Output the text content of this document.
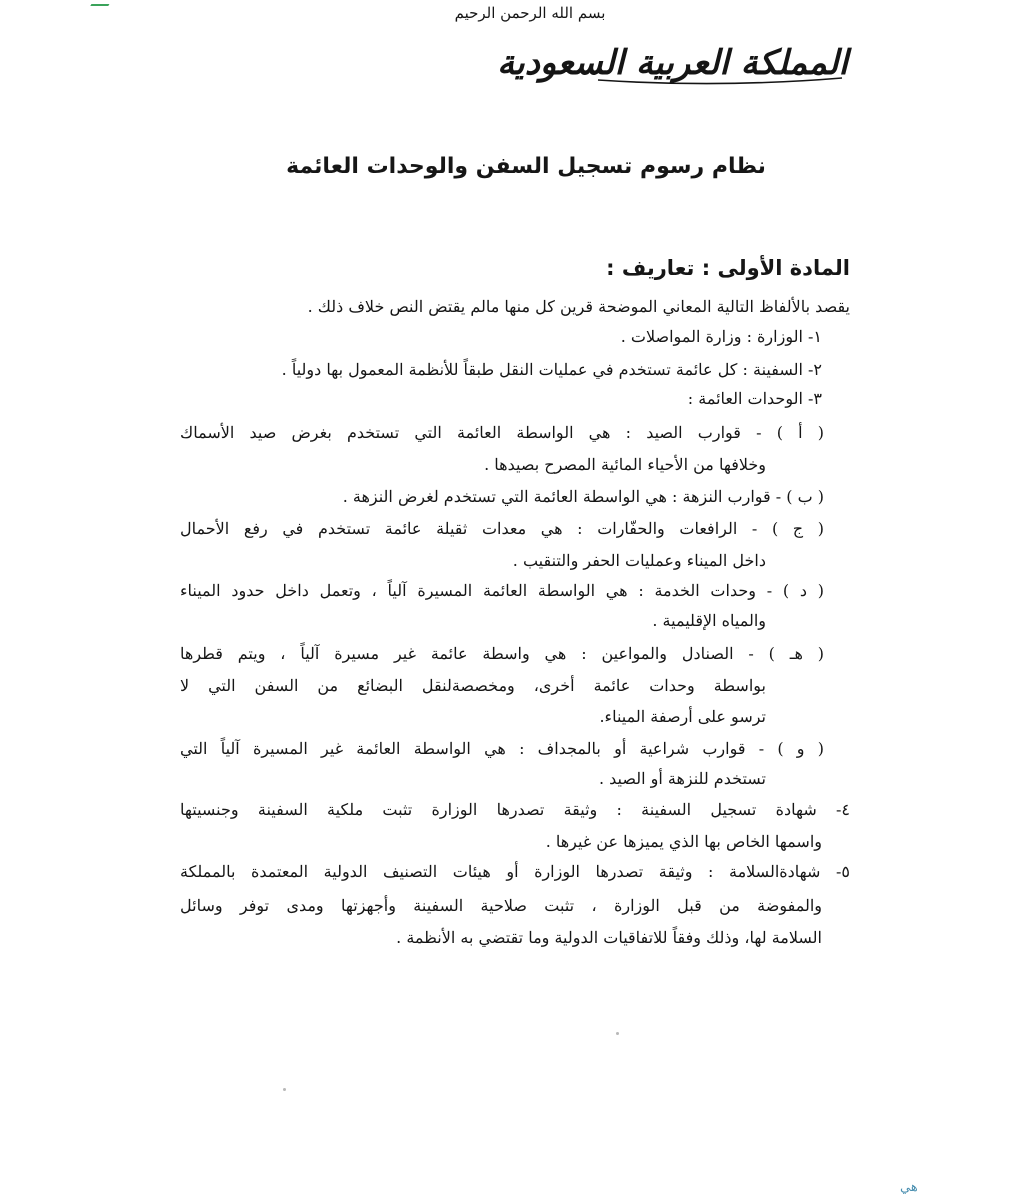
بسم الله الرحمن الرحيم
المملكة العربية السعودية
نظام رسوم تسجيل السفن والوحدات العائمة
المادة الأولى : تعاريف :
يقصد بالألفاظ التالية المعاني الموضحة قرين كل منها مالم يقتض النص خلاف ذلك .
١- الوزارة : وزارة المواصلات .
٢- السفينة : كل عائمة تستخدم في عمليات النقل طبقاً للأنظمة المعمول بها دولياً .
٣- الوحدات العائمة :
( أ ) - قوارب الصيد : هي الواسطة العائمة التي تستخدم بغرض صيد الأسماك
وخلافها من الأحياء المائية المصرح بصيدها .
( ب ) - قوارب النزهة : هي الواسطة العائمة التي تستخدم لغرض النزهة .
( ج ) - الرافعات والحفّارات : هي معدات ثقيلة عائمة تستخدم في رفع الأحمال
داخل الميناء وعمليات الحفر والتنقيب .
( د ) - وحدات الخدمة : هي الواسطة العائمة المسيرة آلياً ، وتعمل داخل حدود الميناء
والمياه الإقليمية .
( هـ ) - الصنادل والمواعين : هي واسطة عائمة غير مسيرة آلياً ، ويتم قطرها
بواسطة وحدات عائمة أخرى، ومخصصةلنقل البضائع من السفن التي لا
ترسو على أرصفة الميناء.
( و ) - قوارب شراعية أو بالمجداف : هي الواسطة العائمة غير المسيرة آلياً التي
تستخدم للنزهة أو الصيد .
٤- شهادة تسجيل السفينة : وثيقة تصدرها الوزارة تثبت ملكية السفينة وجنسيتها
واسمها الخاص بها الذي يميزها عن غيرها .
٥- شهادةالسلامة : وثيقة تصدرها الوزارة أو هيئات التصنيف الدولية المعتمدة بالمملكة
والمفوضة من قبل الوزارة ، تثبت صلاحية السفينة وأجهزتها ومدى توفر وسائل
السلامة لها، وذلك وفقاً للاتفاقيات الدولية وما تقتضي به الأنظمة .
هي
